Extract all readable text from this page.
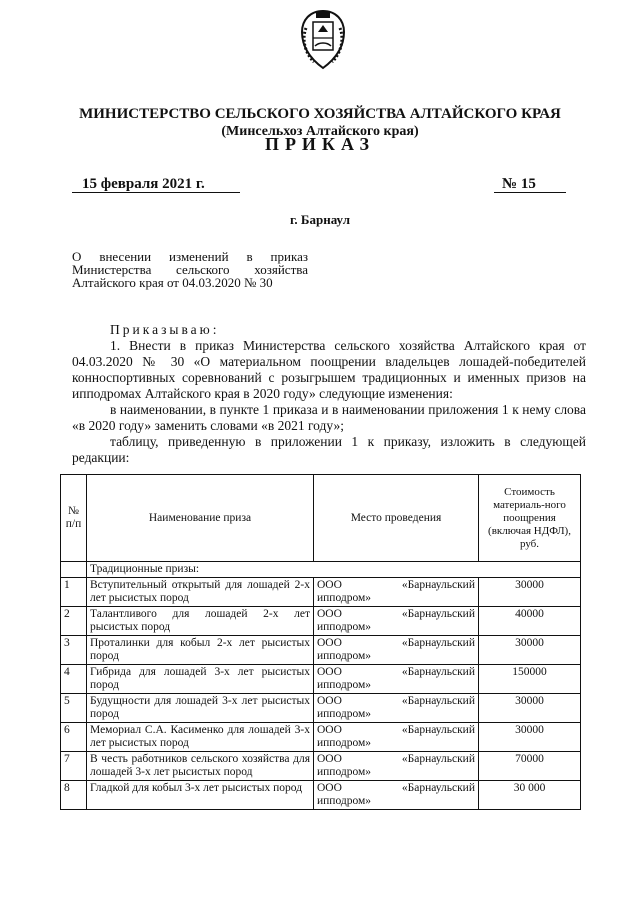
МИНИСТЕРСТВО СЕЛЬСКОГО ХОЗЯЙСТВА АЛТАЙСКОГО КРАЯ
(Минсельхоз Алтайского края)
ПРИКАЗ
15 февраля 2021 г.	№ 15
г. Барнаул

О внесении изменений в приказ Министерства сельского хозяйства Алтайского края от 04.03.2020 № 30

Приказываю:

1. Внести в приказ Министерства сельского хозяйства Алтайского края от 04.03.2020 № 30 «О материальном поощрении владельцев лошадей-победителей конноспортивных соревнований с розыгрышем традиционных и именных призов на ипподромах Алтайского края в 2020 году» следующие изменения:

в наименовании, в пункте 1 приказа и в наименовании приложения 1 к нему слова «в 2020 году» заменить словами «в 2021 году»;

таблицу, приведенную в приложении 1 к приказу, изложить в следующей редакции:

№ п/п	Наименование приза	Место проведения	Стоимость материаль-ного поощрения (включая НДФЛ), руб.
	Традиционные призы:		
1	Вступительный открытый для лошадей 2-х лет рысистых пород	ООО «Барнаульский
ипподром»	30000
2	Талантливого для лошадей 2-х лет рысистых пород	ООО «Барнаульский
ипподром»	40000
3	Проталинки для кобыл 2-х лет рысистых пород	ООО «Барнаульский
ипподром»	30000
4	Гибрида для лошадей 3-х лет рысистых пород	ООО «Барнаульский
ипподром»	150000
5	Будущности для лошадей 3-х лет рысистых пород	ООО «Барнаульский
ипподром»	30000
6	Мемориал С.А. Касименко для лошадей 3-х лет рысистых пород	ООО «Барнаульский
ипподром»	30000
7	В честь работников сельского хозяйства для лошадей 3-х лет рысистых пород	ООО «Барнаульский
ипподром»	70000
8	Гладкой для кобыл 3-х лет рысистых пород	ООО «Барнаульский
ипподром»	30 000
